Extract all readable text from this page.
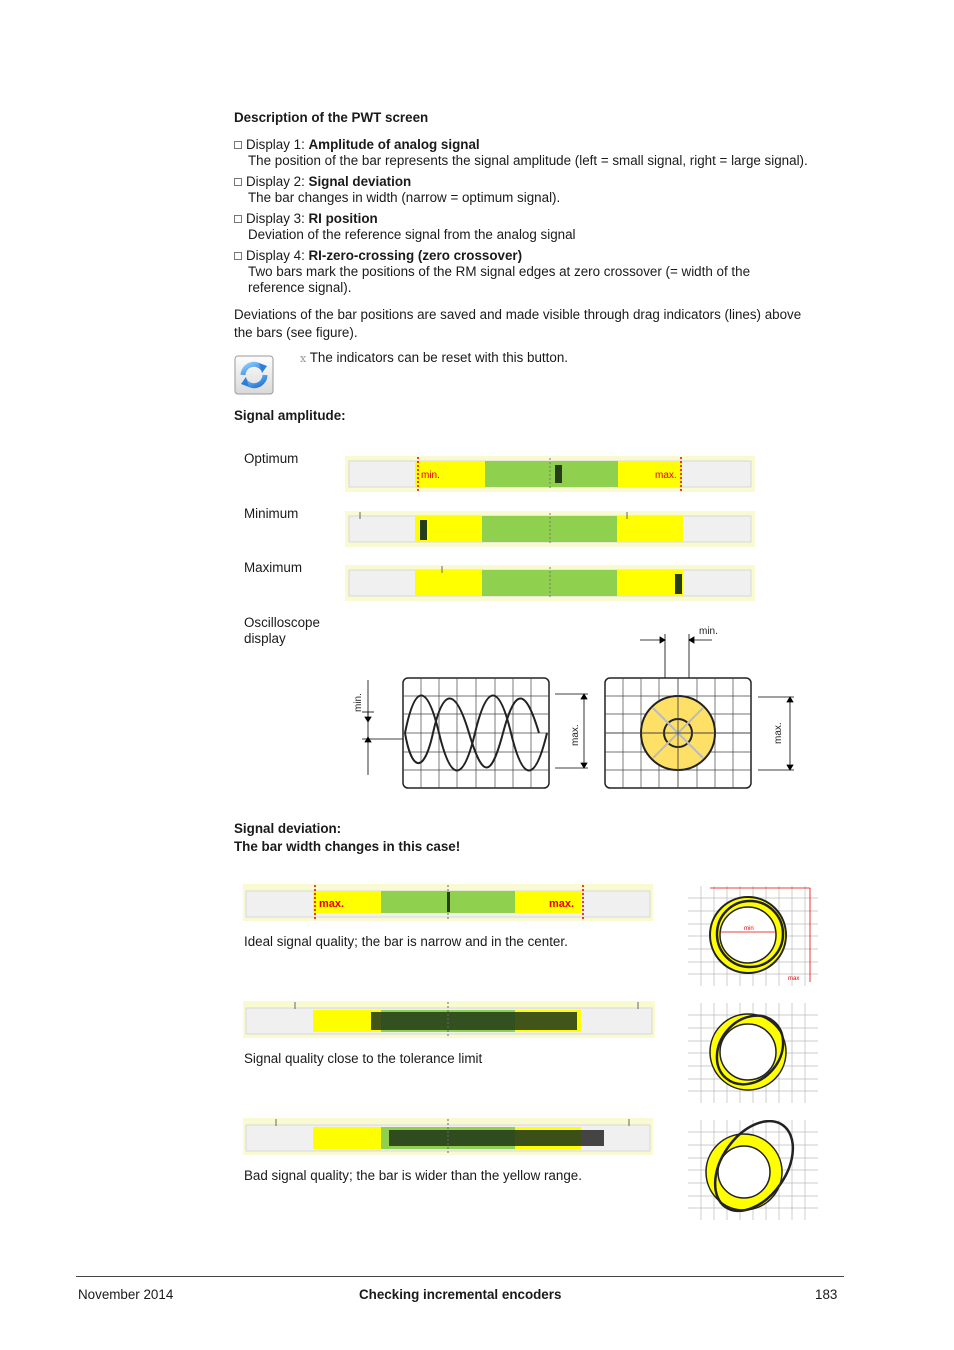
Description of the PWT screen
Display 1: Amplitude of analog signal
The position of the bar represents the signal amplitude (left = small signal, right = large signal).
Display 2: Signal deviation
The bar changes in width (narrow = optimum signal).
Display 3: RI position
Deviation of the reference signal from the analog signal
Display 4: RI-zero-crossing (zero crossover)
Two bars mark the positions of the RM signal edges at zero crossover (= width of the
reference signal).
Deviations of the bar positions are saved and made visible through drag indicators (lines) above
the bars (see figure).
x The indicators can be reset with this button.
Signal amplitude:
Optimum
Minimum
Maximum
min.	max.
Oscilloscope
display
min.
max.
min.
max.
Signal deviation:
The bar width changes in this case!
max.	max.
Ideal signal quality; the bar is narrow and in the center.
min
max
Signal quality close to the tolerance limit
Bad signal quality; the bar is wider than the yellow range.
November 2014	Checking incremental encoders	183
